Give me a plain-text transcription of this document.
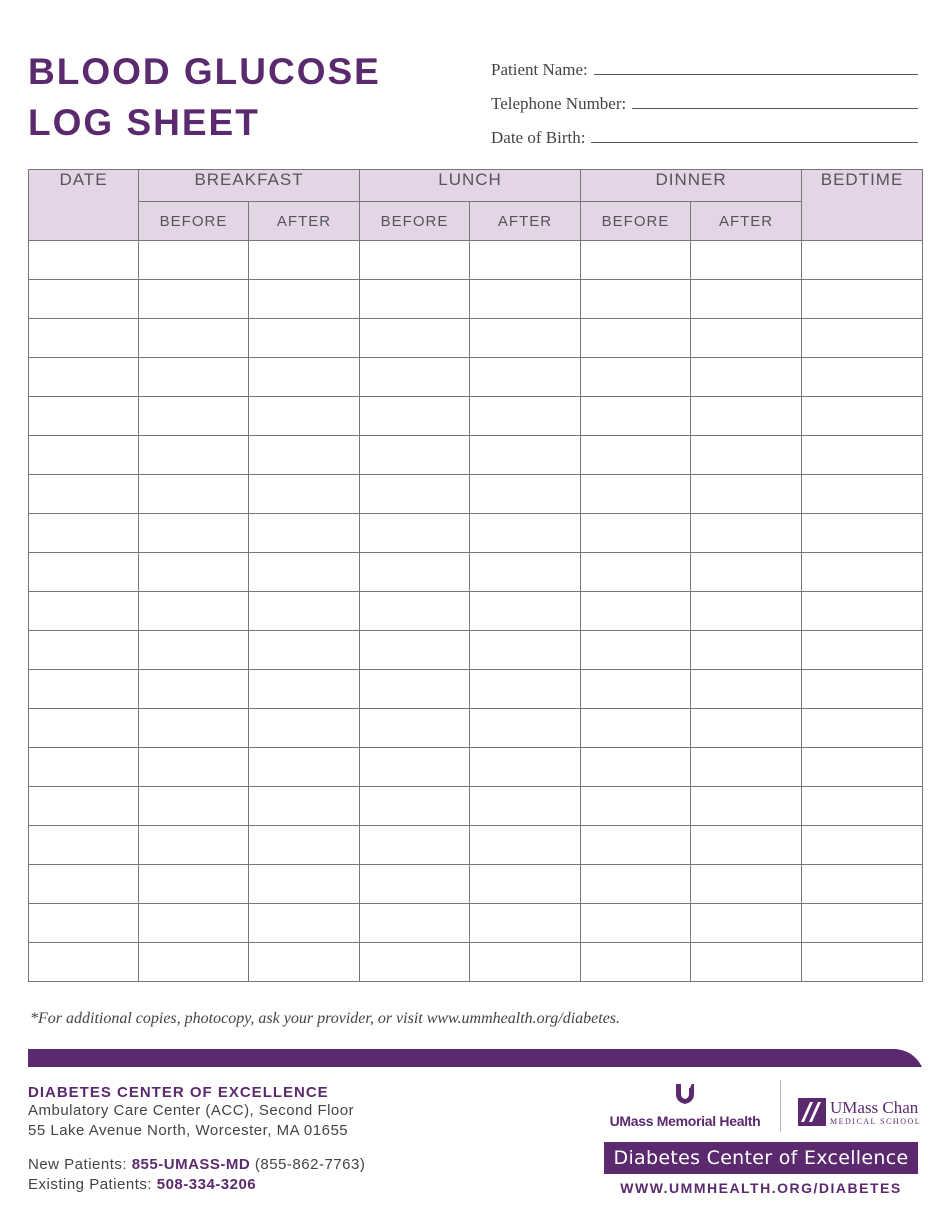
BLOOD GLUCOSE
LOG SHEET
Patient Name:
Telephone Number:
Date of Birth:
DATE	BREAKFAST		LUNCH		DINNER		BEDTIME
	BEFORE	AFTER	BEFORE	AFTER	BEFORE	AFTER	

*For additional copies, photocopy, ask your provider, or visit www.ummhealth.org/diabetes.
DIABETES CENTER OF EXCELLENCE
Ambulatory Care Center (ACC), Second Floor
55 Lake Avenue North, Worcester, MA 01655
New Patients: 855-UMASS-MD (855-862-7763)
Existing Patients: 508-334-3206
UMass Memorial Health
UMass Chan
MEDICAL SCHOOL
Diabetes Center of Excellence
WWW.UMMHEALTH.ORG/DIABETES
